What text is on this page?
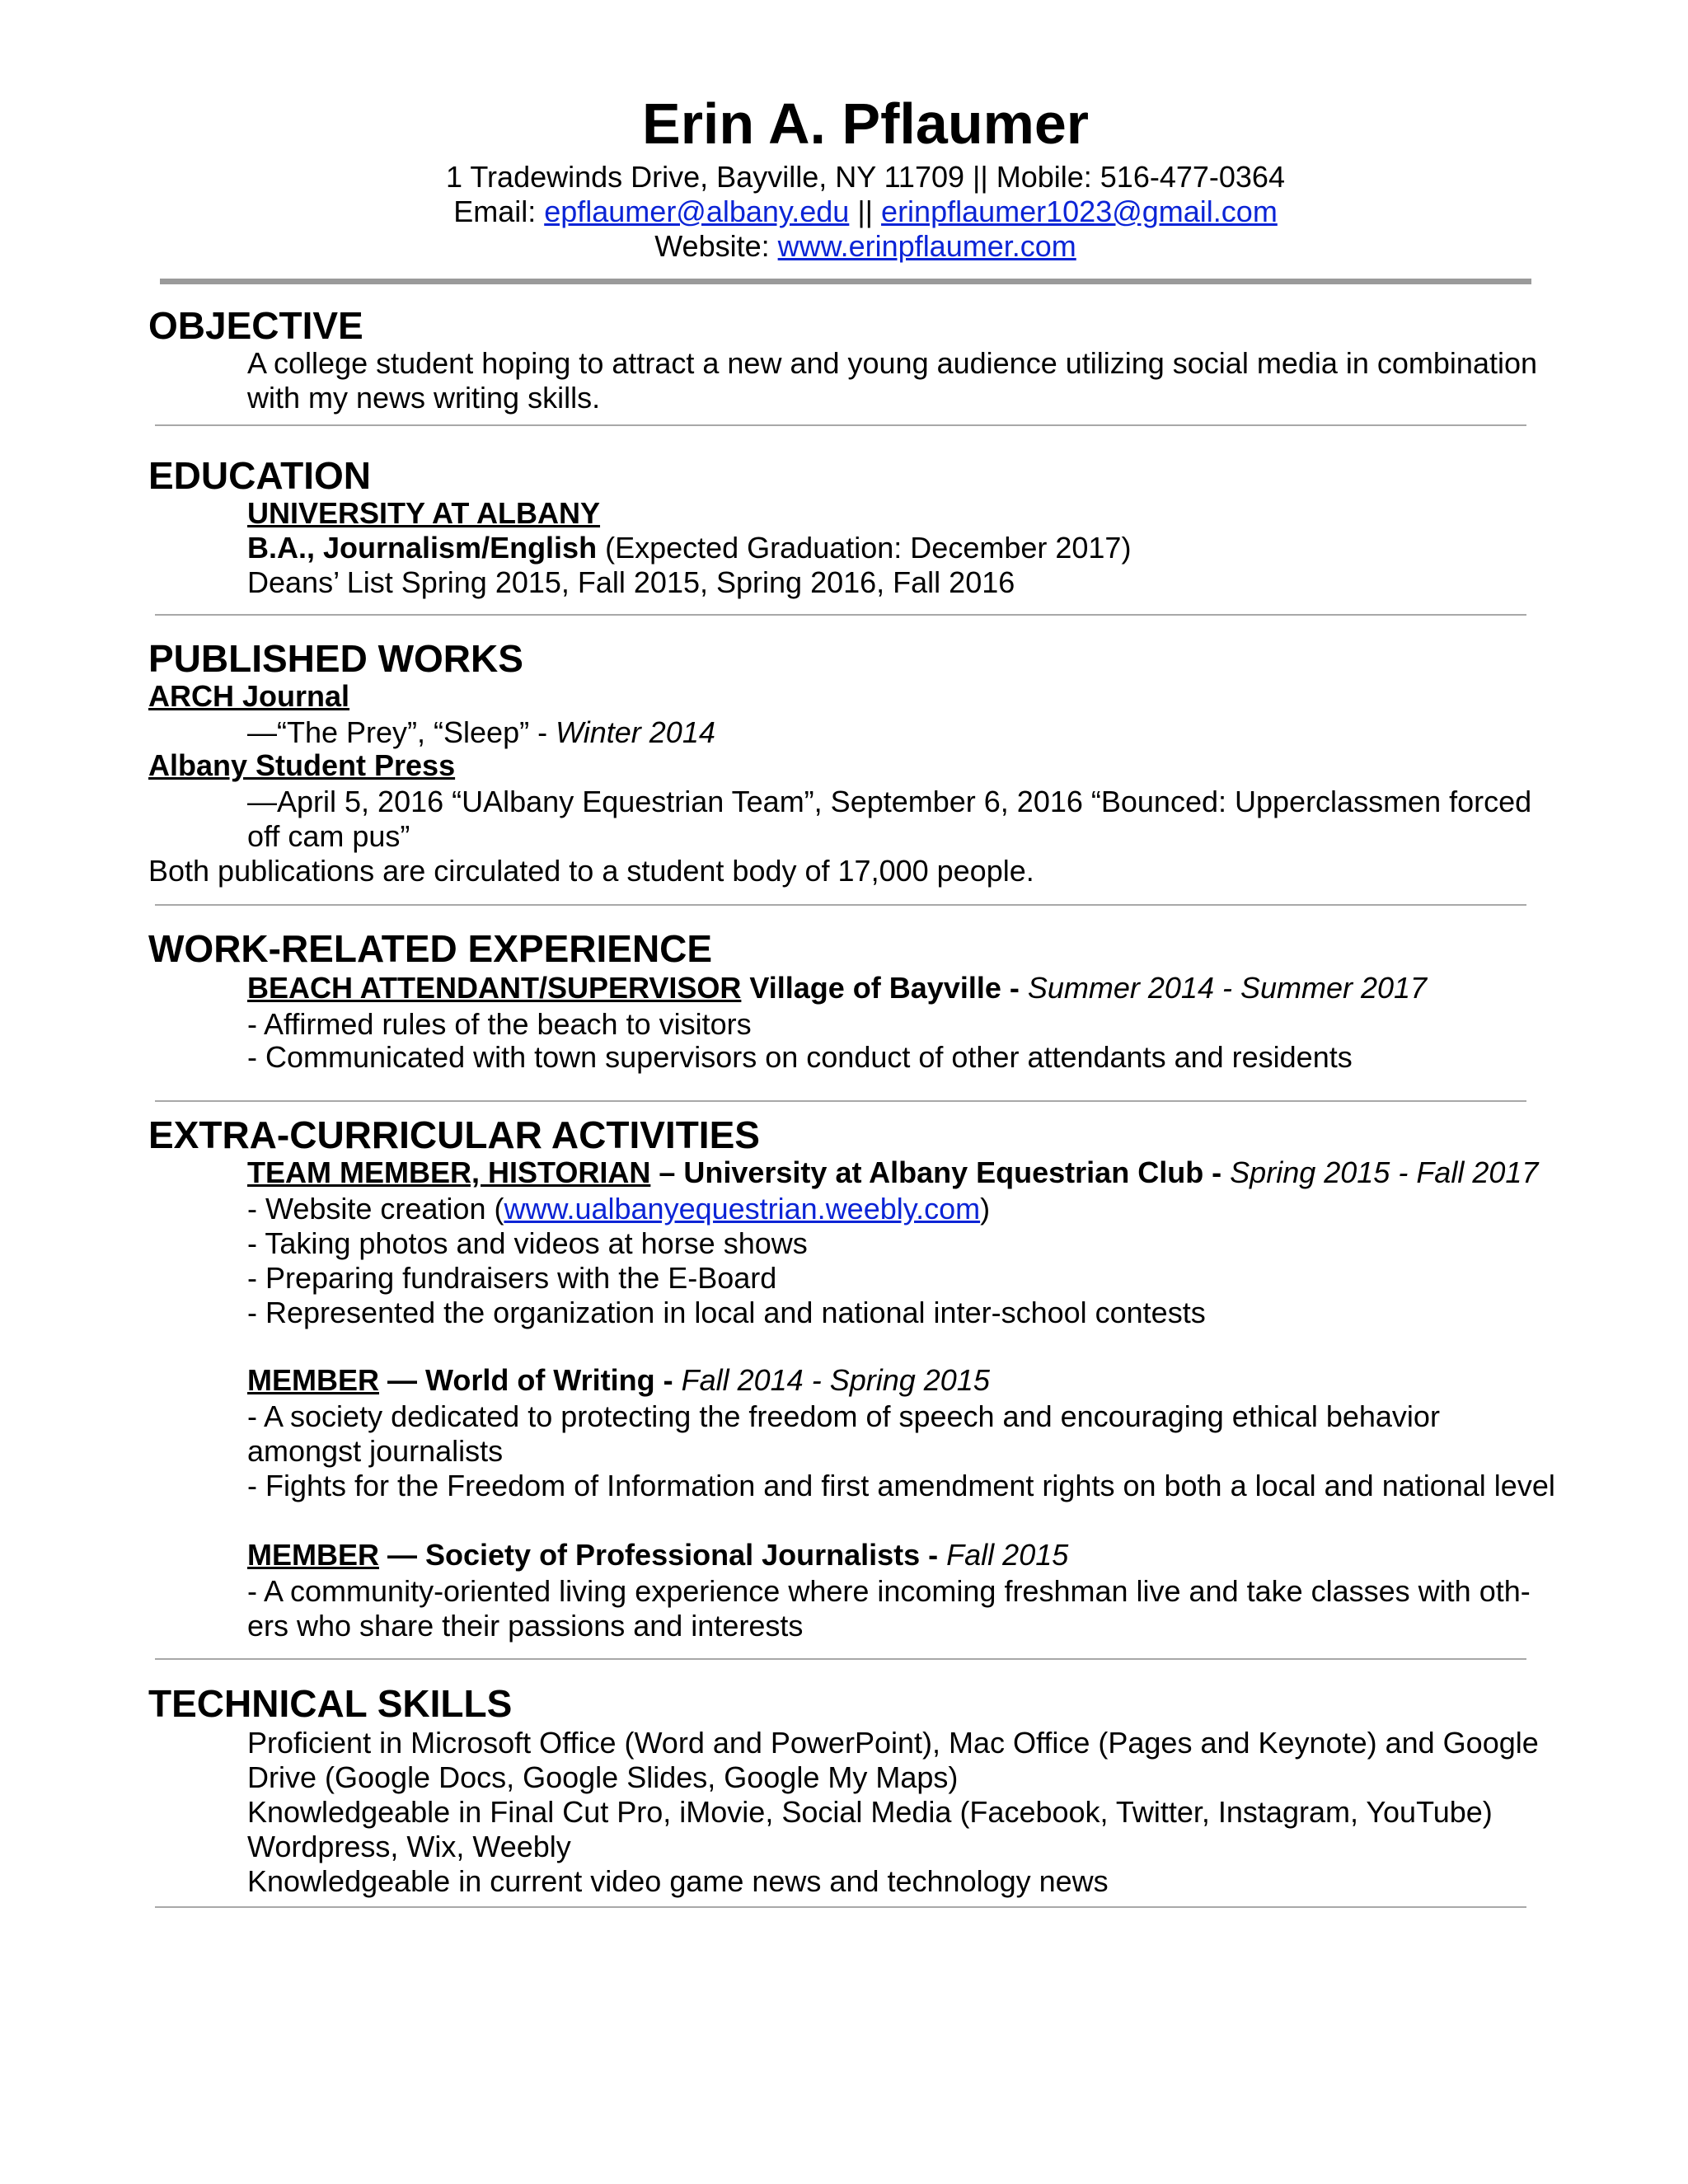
Erin A. Pflaumer
1 Tradewinds Drive, Bayville, NY 11709 || Mobile: 516-477-0364
Email: epflaumer@albany.edu || erinpflaumer1023@gmail.com
Website: www.erinpflaumer.com
OBJECTIVE
A college student hoping to attract a new and young audience utilizing social media in combination
with my news writing skills.
EDUCATION
UNIVERSITY AT ALBANY
B.A., Journalism/English (Expected Graduation: December 2017)
Deans’ List Spring 2015, Fall 2015, Spring 2016, Fall 2016
PUBLISHED WORKS
ARCH Journal
—“The Prey”, “Sleep” - Winter 2014
Albany Student Press
—April 5, 2016 “UAlbany Equestrian Team”, September 6, 2016 “Bounced: Upperclassmen forced
off cam pus”
Both publications are circulated to a student body of 17,000 people.
WORK-RELATED EXPERIENCE
BEACH ATTENDANT/SUPERVISOR Village of Bayville - Summer 2014 - Summer 2017
- Affirmed rules of the beach to visitors
- Communicated with town supervisors on conduct of other attendants and residents
EXTRA-CURRICULAR ACTIVITIES
TEAM MEMBER, HISTORIAN – University at Albany Equestrian Club - Spring 2015 - Fall 2017
- Website creation (www.ualbanyequestrian.weebly.com)
- Taking photos and videos at horse shows
- Preparing fundraisers with the E-Board
- Represented the organization in local and national inter-school contests
MEMBER — World of Writing - Fall 2014 - Spring 2015
- A society dedicated to protecting the freedom of speech and encouraging ethical behavior
amongst journalists
- Fights for the Freedom of Information and first amendment rights on both a local and national level
MEMBER — Society of Professional Journalists - Fall 2015
- A community-oriented living experience where incoming freshman live and take classes with oth-
ers who share their passions and interests
TECHNICAL SKILLS
Proficient in Microsoft Office (Word and PowerPoint), Mac Office (Pages and Keynote) and Google
Drive (Google Docs, Google Slides, Google My Maps)
Knowledgeable in Final Cut Pro, iMovie, Social Media (Facebook, Twitter, Instagram, YouTube)
Wordpress, Wix, Weebly
Knowledgeable in current video game news and technology news
